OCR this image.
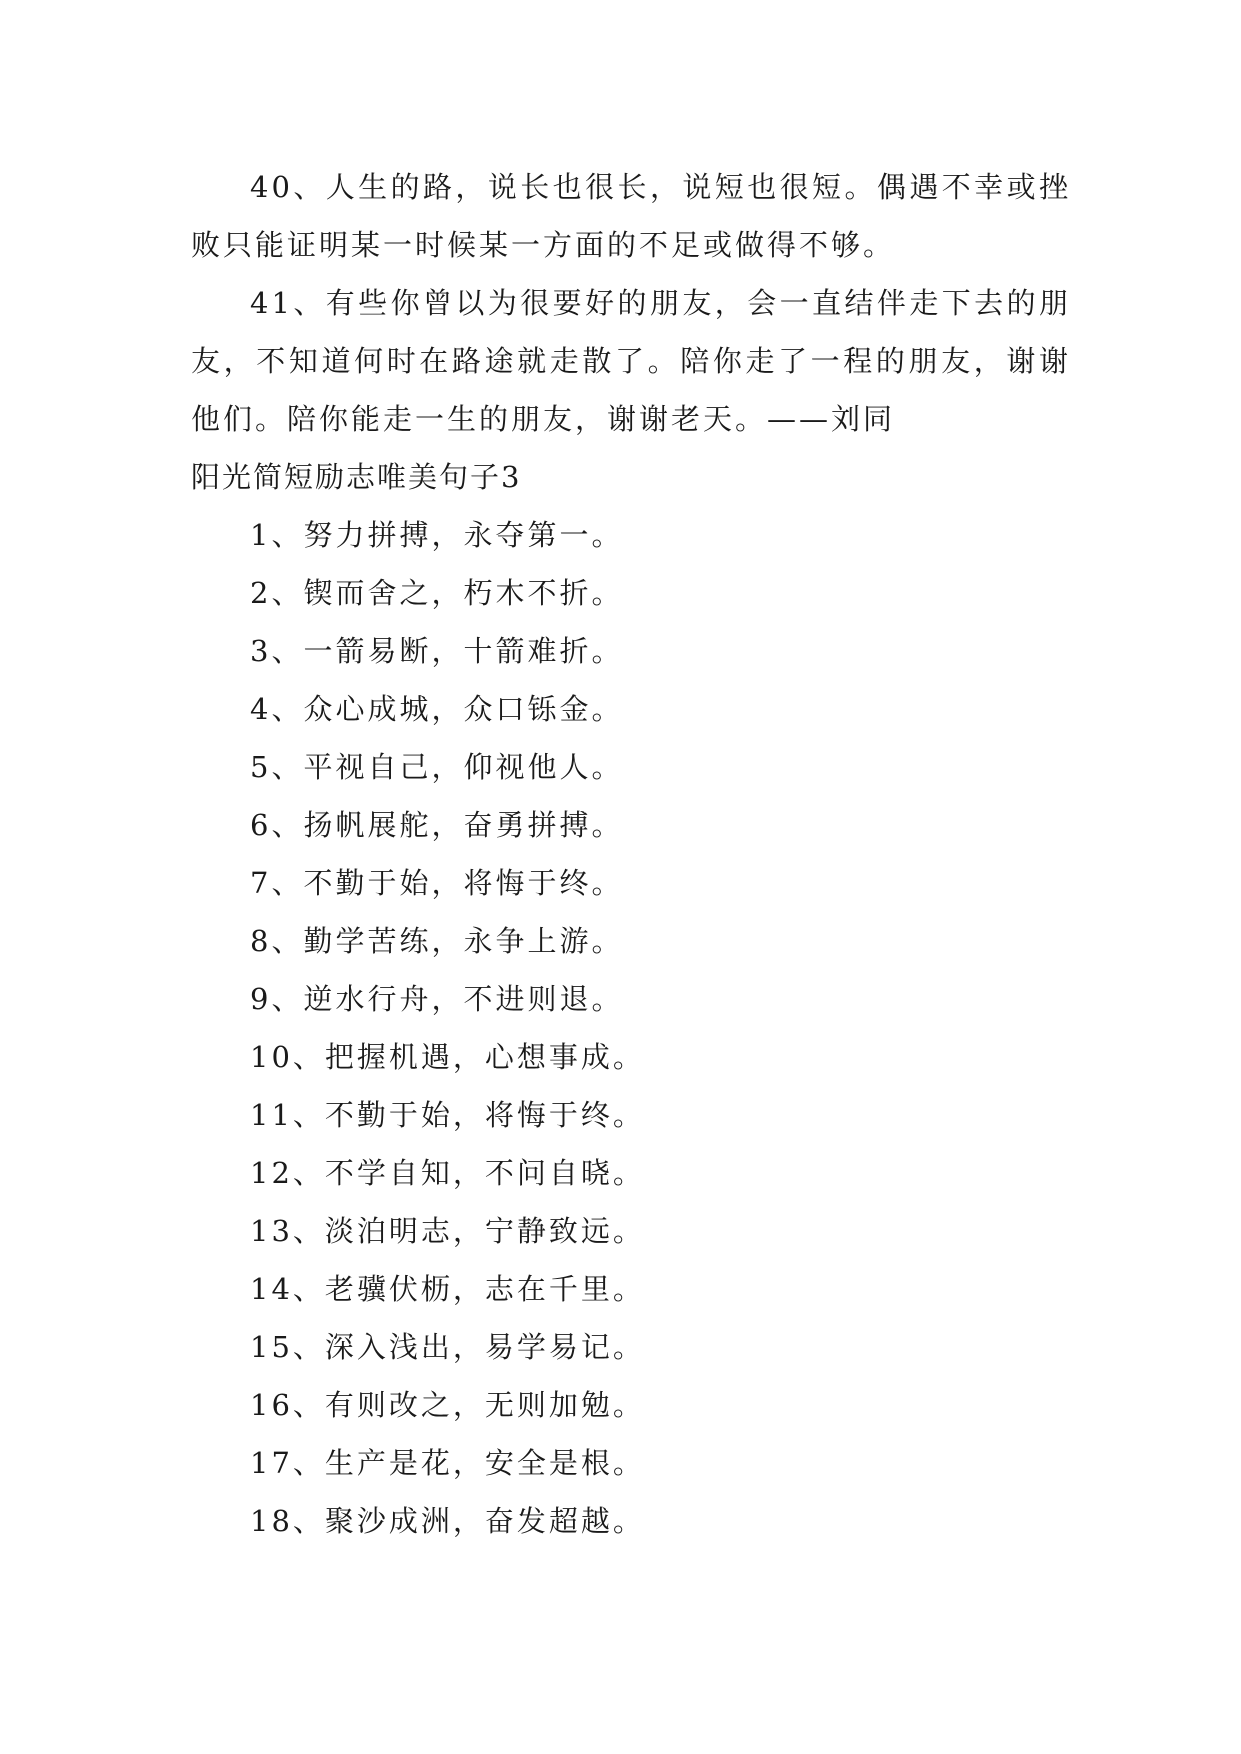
40、人生的路，说长也很长，说短也很短。偶遇不幸或挫败只能证明某一时候某一方面的不足或做得不够。

41、有些你曾以为很要好的朋友，会一直结伴走下去的朋友，不知道何时在路途就走散了。陪你走了一程的朋友，谢谢他们。陪你能走一生的朋友，谢谢老天。——刘同

阳光简短励志唯美句子3

1、努力拼搏，永夺第一。

2、锲而舍之，朽木不折。

3、一箭易断，十箭难折。

4、众心成城，众口铄金。

5、平视自己，仰视他人。

6、扬帆展舵，奋勇拼搏。

7、不勤于始，将悔于终。

8、勤学苦练，永争上游。

9、逆水行舟，不进则退。

10、把握机遇，心想事成。

11、不勤于始，将悔于终。

12、不学自知，不问自晓。

13、淡泊明志，宁静致远。

14、老骥伏枥，志在千里。

15、深入浅出，易学易记。

16、有则改之，无则加勉。

17、生产是花，安全是根。

18、聚沙成洲，奋发超越。
